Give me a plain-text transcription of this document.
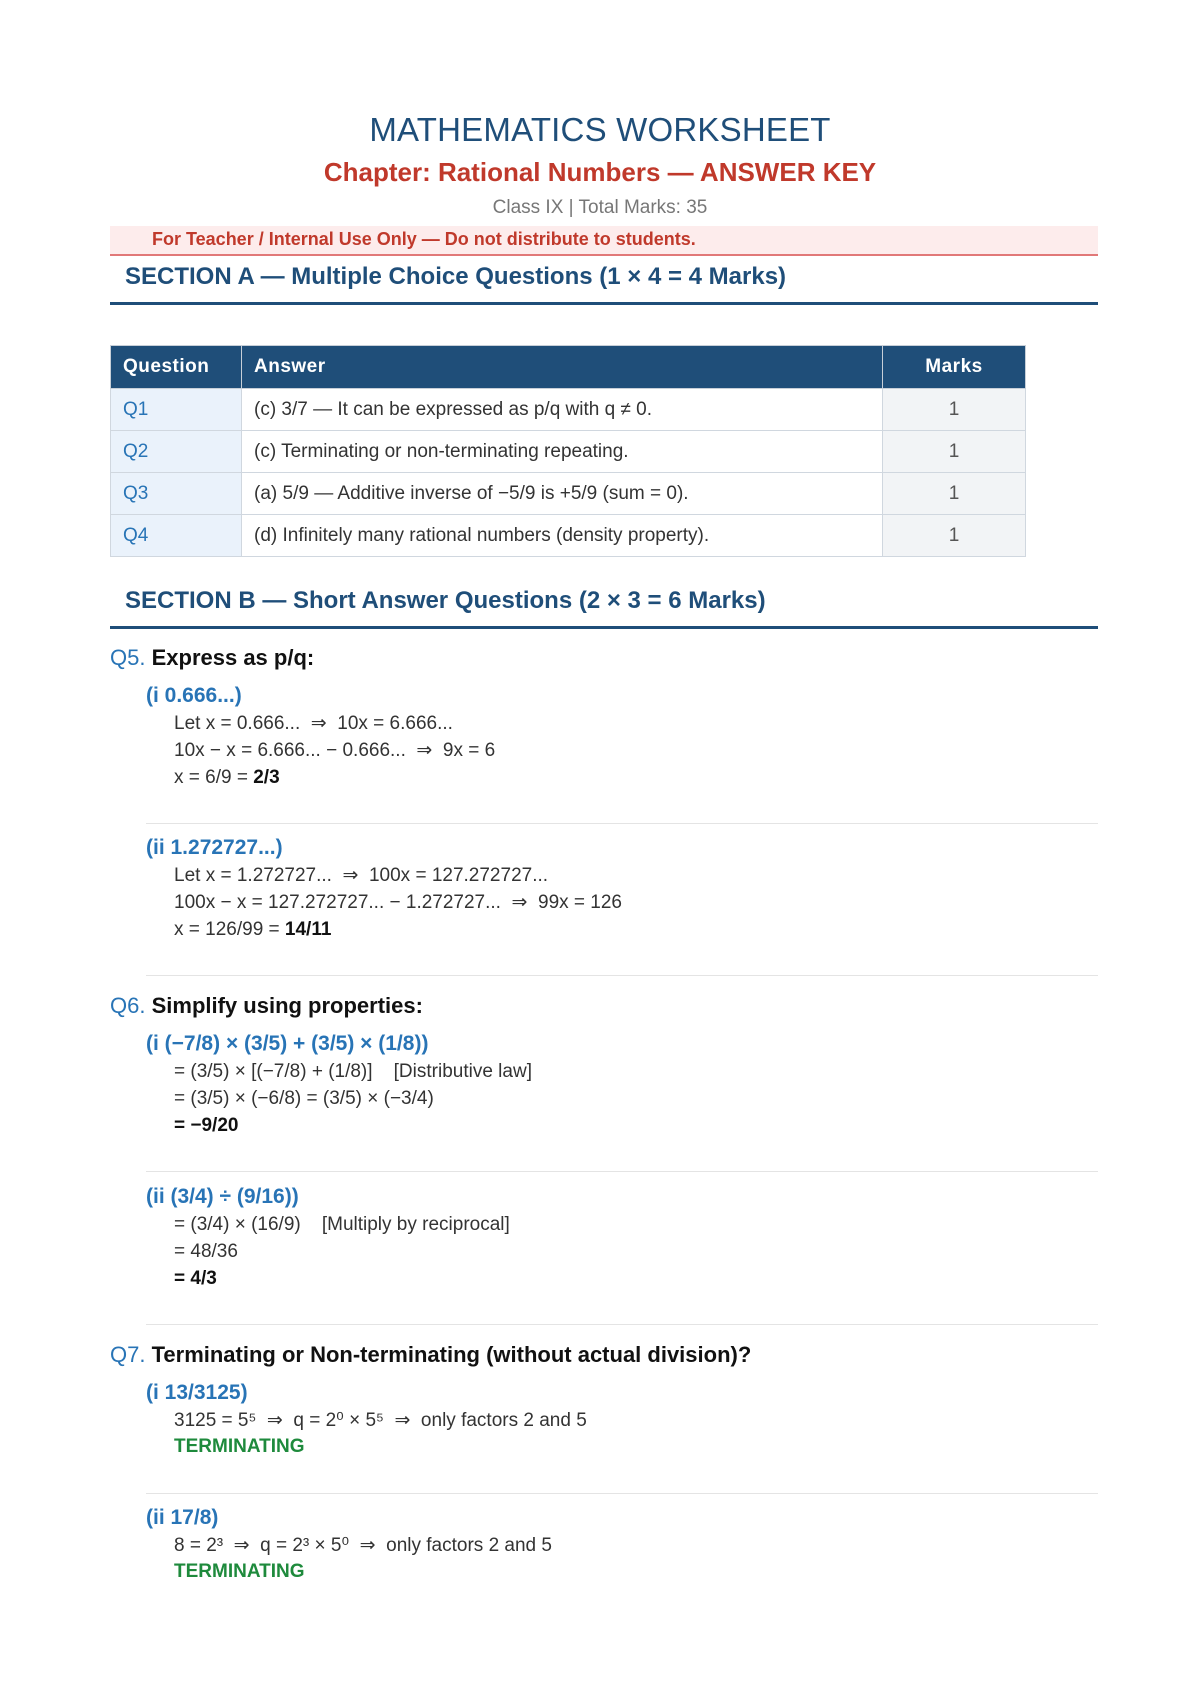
MATHEMATICS WORKSHEET
Chapter: Rational Numbers — ANSWER KEY
Class IX | Total Marks: 35
For Teacher / Internal Use Only — Do not distribute to students.
SECTION A — Multiple Choice Questions (1 × 4 = 4 Marks)
Question	Answer	Marks
Q1	(c) 3/7 — It can be expressed as p/q with q ≠ 0.	1
Q2	(c) Terminating or non-terminating repeating.	1
Q3	(a) 5/9 — Additive inverse of −5/9 is +5/9 (sum = 0).	1
Q4	(d) Infinitely many rational numbers (density property).	1
SECTION B — Short Answer Questions (2 × 3 = 6 Marks)
Q5. Express as p/q:
(i 0.666...)
Let x = 0.666...  ⇒  10x = 6.666...
10x − x = 6.666... − 0.666...  ⇒  9x = 6
x = 6/9 = 2/3
(ii 1.272727...)
Let x = 1.272727...  ⇒  100x = 127.272727...
100x − x = 127.272727... − 1.272727...  ⇒  99x = 126
x = 126/99 = 14/11
Q6. Simplify using properties:
(i (−7/8) × (3/5) + (3/5) × (1/8))
= (3/5) × [(−7/8) + (1/8)]    [Distributive law]
= (3/5) × (−6/8) = (3/5) × (−3/4)
= −9/20
(ii (3/4) ÷ (9/16))
= (3/4) × (16/9)    [Multiply by reciprocal]
= 48/36
= 4/3
Q7. Terminating or Non-terminating (without actual division)?
(i 13/3125)
3125 = 5⁵  ⇒  q = 2⁰ × 5⁵  ⇒  only factors 2 and 5
TERMINATING
(ii 17/8)
8 = 2³  ⇒  q = 2³ × 5⁰  ⇒  only factors 2 and 5
TERMINATING
